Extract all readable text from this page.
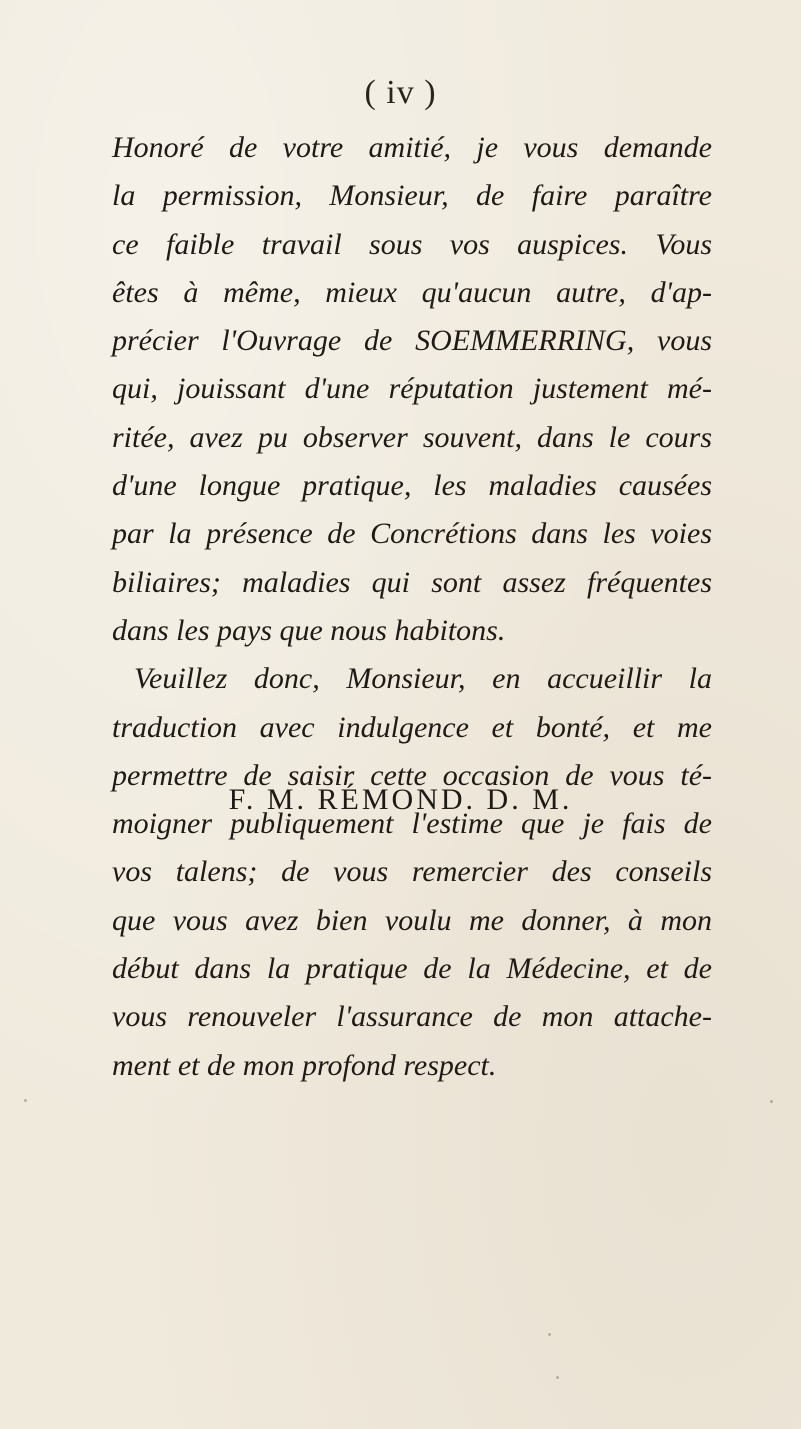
( iv )
Honoré de votre amitié, je vous demande
la permission, Monsieur, de faire paraître
ce faible travail sous vos auspices. Vous
êtes à même, mieux qu'aucun autre, d'ap-
précier l'Ouvrage de SOEMMERRING, vous
qui, jouissant d'une réputation justement mé-
ritée, avez pu observer souvent, dans le cours
d'une longue pratique, les maladies causées
par la présence de Concrétions dans les voies
biliaires; maladies qui sont assez fréquentes
dans les pays que nous habitons.
Veuillez donc, Monsieur, en accueillir la
traduction avec indulgence et bonté, et me
permettre de saisir cette occasion de vous té-
moigner publiquement l'estime que je fais de
vos talens; de vous remercier des conseils
que vous avez bien voulu me donner, à mon
début dans la pratique de la Médecine, et de
vous renouveler l'assurance de mon attache-
ment et de mon profond respect.
F. M. RÉMOND. D. M.
